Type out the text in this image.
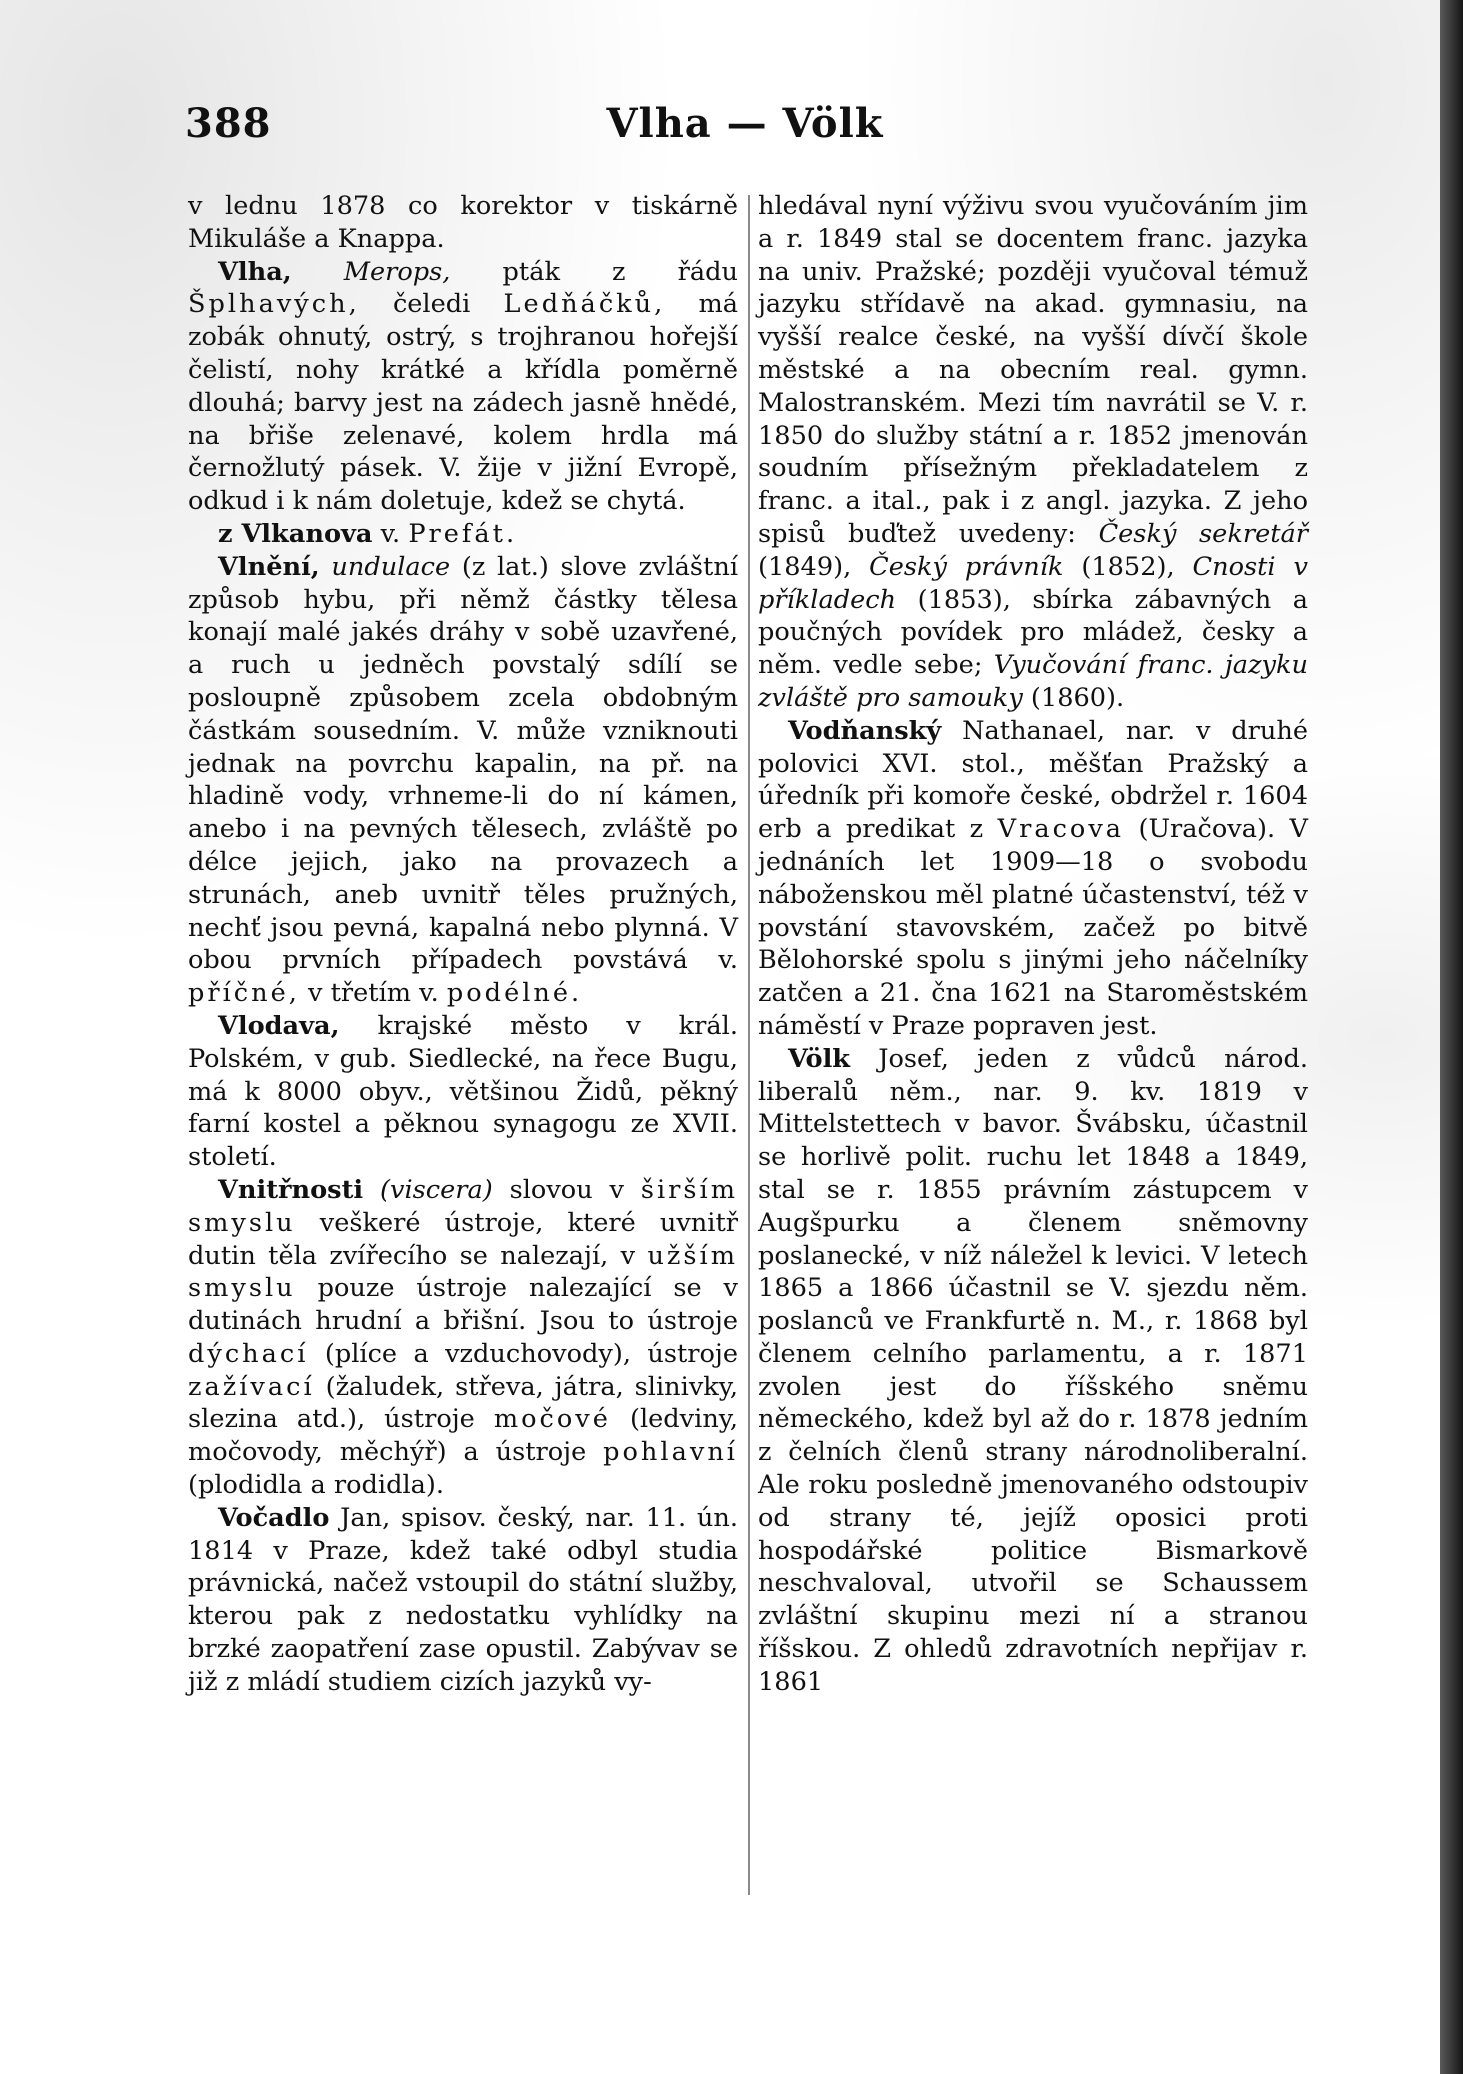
388	Vlha — Völk

v lednu 1878 co korektor v tiskárně Mikuláše a Knappa.

Vlha, Merops, pták z řádu Šplhavých, čeledi Ledňáčků, má zobák ohnutý, ostrý, s trojhranou hořejší čelistí, nohy krátké a křídla poměrně dlouhá; barvy jest na zádech jasně hnědé, na břiše zelenavé, kolem hrdla má černožlutý pásek. V. žije v jižní Evropě, odkud i k nám doletuje, kdež se chytá.

z Vlkanova v. Prefát.

Vlnění, undulace (z lat.) slove zvláštní způsob hybu, při němž částky tělesa konají malé jakés dráhy v sobě uzavřené, a ruch u jedněch povstalý sdílí se posloupně způsobem zcela obdobným částkám sousedním. V. může vzniknouti jednak na povrchu kapalin, na př. na hladině vody, vrhneme-li do ní kámen, anebo i na pevných tělesech, zvláště po délce jejich, jako na provazech a strunách, aneb uvnitř těles pružných, nechť jsou pevná, kapalná nebo plynná. V obou prvních případech povstává v. příčné, v třetím v. podélné.

Vlodava, krajské město v král. Polském, v gub. Siedlecké, na řece Bugu, má k 8000 obyv., většinou Židů, pěkný farní kostel a pěknou synagogu ze XVII. století.

Vnitřnosti (viscera) slovou v širším smyslu veškeré ústroje, které uvnitř dutin těla zvířecího se nalezají, v užším smyslu pouze ústroje nalezající se v dutinách hrudní a břišní. Jsou to ústroje dýchací (plíce a vzduchovody), ústroje zažívací (žaludek, střeva, játra, slinivky, slezina atd.), ústroje močové (ledviny, močovody, měchýř) a ústroje pohlavní (plodidla a rodidla).

Vočadlo Jan, spisov. český, nar. 11. ún. 1814 v Praze, kdež také odbyl studia právnická, načež vstoupil do státní služby, kterou pak z nedostatku vyhlídky na brzké zaopatření zase opustil. Zabývav se již z mládí studiem cizích jazyků vy-

hledával nyní výživu svou vyučováním jim a r. 1849 stal se docentem franc. jazyka na univ. Pražské; později vyučoval témuž jazyku střídavě na akad. gymnasiu, na vyšší realce české, na vyšší dívčí škole městské a na obecním real. gymn. Malostranském. Mezi tím navrátil se V. r. 1850 do služby státní a r. 1852 jmenován soudním přísežným překladatelem z franc. a ital., pak i z angl. jazyka. Z jeho spisů buďtež uvedeny: Český sekretář (1849), Český právník (1852), Cnosti v příkladech (1853), sbírka zábavných a poučných povídek pro mládež, česky a něm. vedle sebe; Vyučování franc. jazyku zvláště pro samouky (1860).

Vodňanský Nathanael, nar. v druhé polovici XVI. stol., měšťan Pražský a úředník při komoře české, obdržel r. 1604 erb a predikat z Vracova (Uračova). V jednáních let 1909—18 o svobodu náboženskou měl platné účastenství, též v povstání stavovském, začež po bitvě Bělohorské spolu s jinými jeho náčelníky zatčen a 21. čna 1621 na Staroměstském náměstí v Praze popraven jest.

Völk Josef, jeden z vůdců národ. liberalů něm., nar. 9. kv. 1819 v Mittelstettech v bavor. Švábsku, účastnil se horlivě polit. ruchu let 1848 a 1849, stal se r. 1855 právním zástupcem v Augšpurku a členem sněmovny poslanecké, v níž náležel k levici. V letech 1865 a 1866 účastnil se V. sjezdu něm. poslanců ve Frankfurtě n. M., r. 1868 byl členem celního parlamentu, a r. 1871 zvolen jest do říšského sněmu německého, kdež byl až do r. 1878 jedním z čelních členů strany národnoliberalní. Ale roku posledně jmenovaného odstoupiv od strany té, jejíž oposici proti hospodářské politice Bismarkově neschvaloval, utvořil se Schaussem zvláštní skupinu mezi ní a stranou říšskou. Z ohledů zdravotních nepřijav r. 1861
